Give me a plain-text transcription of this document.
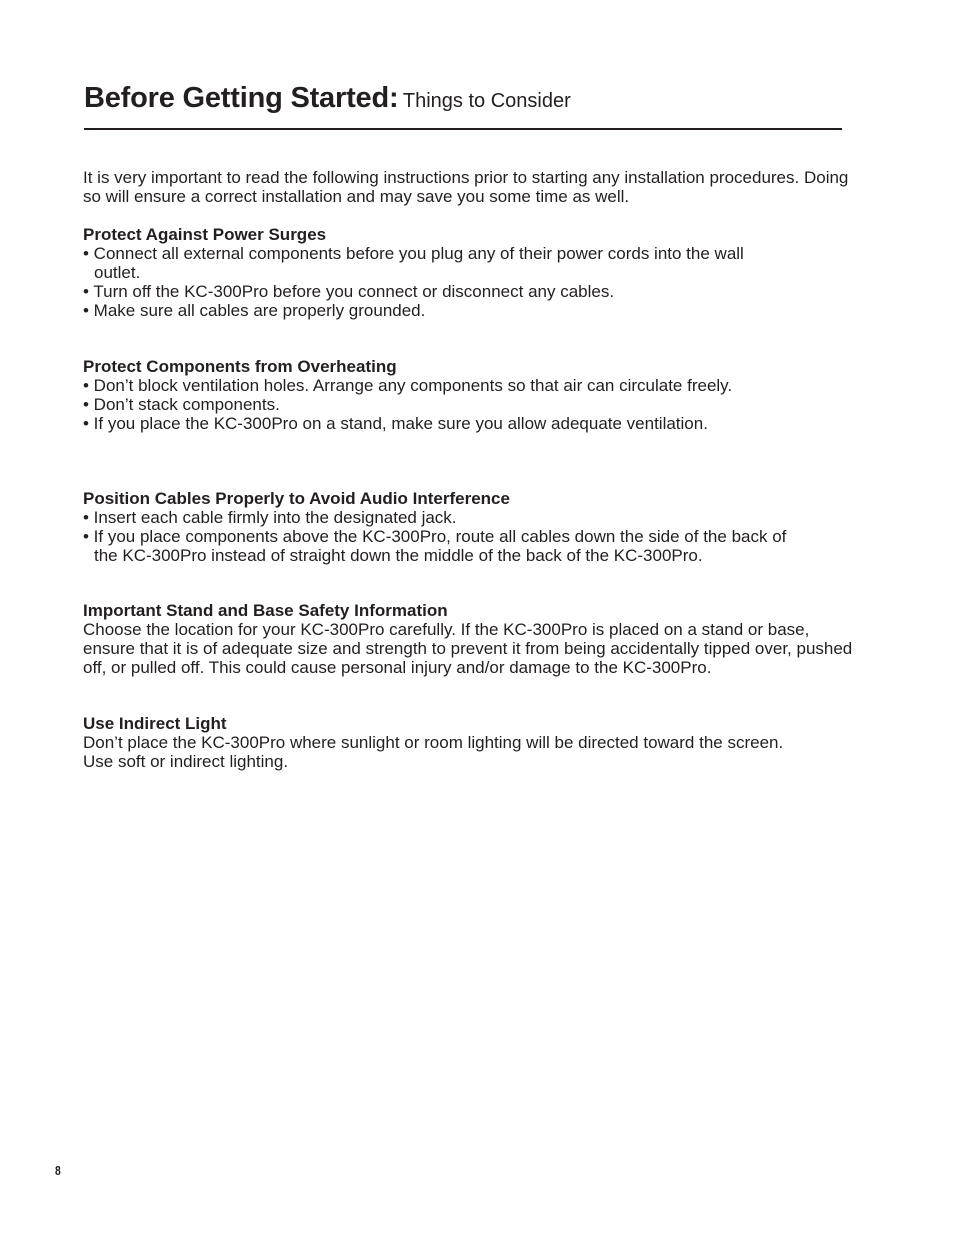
Before Getting Started: Things to Consider

It is very important to read the following instructions prior to starting any installation procedures. Doing so will ensure a correct installation and may save you some time as well.

Protect Against Power Surges

• Connect all external components before you plug any of their power cords into the wall outlet.

• Turn off the KC-300Pro before you connect or disconnect any cables.

• Make sure all cables are properly grounded.

Protect Components from Overheating

• Don’t block ventilation holes. Arrange any components so that air can circulate freely.

• Don’t stack components.

• If you place the KC-300Pro on a stand, make sure you allow adequate ventilation.

Position Cables Properly to Avoid Audio Interference

• Insert each cable firmly into the designated jack.

• If you place components above the KC-300Pro, route all cables down the side of the back of the KC-300Pro instead of straight down the middle of the back of the KC-300Pro.

Important Stand and Base Safety Information

Choose the location for your KC-300Pro carefully. If the KC-300Pro is placed on a stand or base, ensure that it is of adequate size and strength to prevent it from being accidentally tipped over, pushed off, or pulled off. This could cause personal injury and/or damage to the KC-300Pro.

Use Indirect Light

Don’t place the KC-300Pro where sunlight or room lighting will be directed toward the screen. Use soft or indirect lighting.

8
